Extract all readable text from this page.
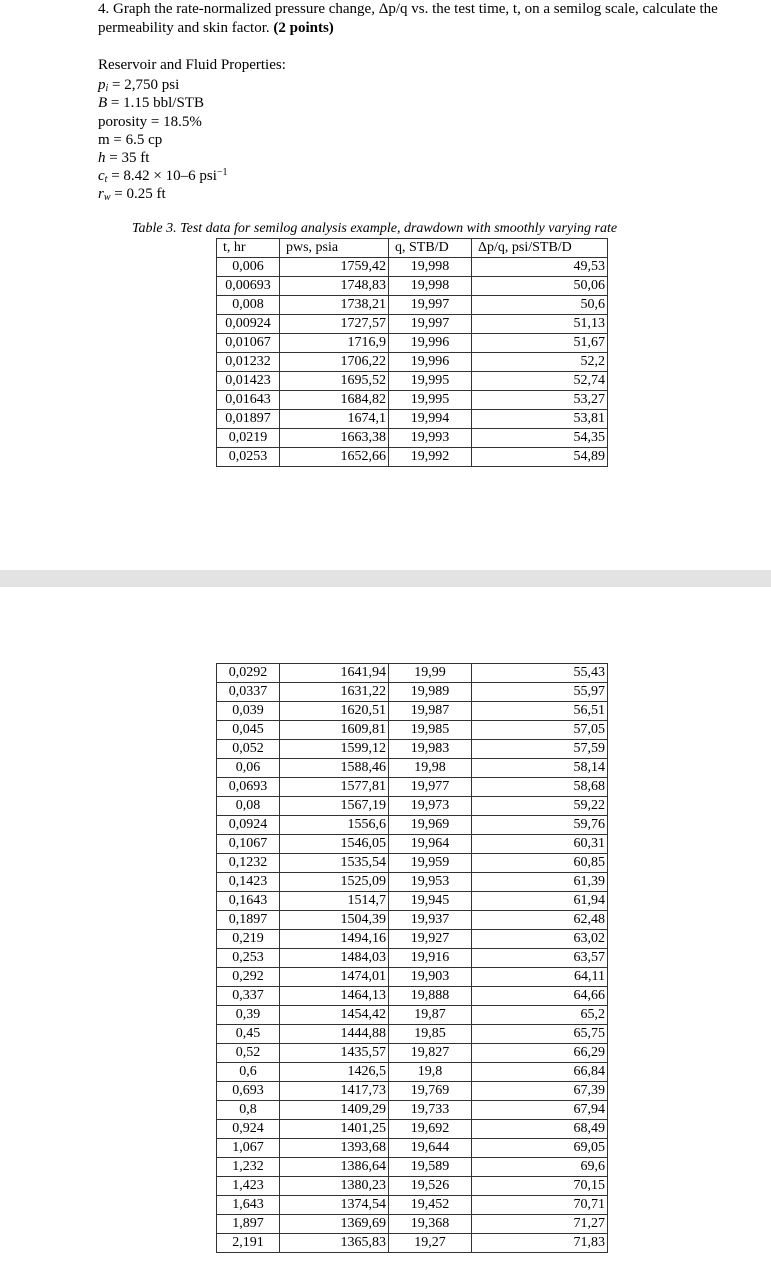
4. Graph the rate-normalized pressure change, Δp/q vs. the test time, t, on a semilog scale, calculate the permeability and skin factor. (2 points)
Reservoir and Fluid Properties:
$p_i = 2,750$ psi
B = 1.15 bbl/STB
porosity = 18.5%
m = 6.5 cp
h = 35 ft
$c_t = 8.42 \times 10-6$ psi$^{-1}$
$r_w = 0.25$ ft
Table 3. Test data for semilog analysis example, drawdown with smoothly varying rate
t, hr	pws, psia	q, STB/D	Δp/q, psi/STB/D
0,006	1759,42	19,998	49,53
0,00693	1748,83	19,998	50,06
0,008	1738,21	19,997	50,6
0,00924	1727,57	19,997	51,13
0,01067	1716,9	19,996	51,67
0,01232	1706,22	19,996	52,2
0,01423	1695,52	19,995	52,74
0,01643	1684,82	19,995	53,27
0,01897	1674,1	19,994	53,81
0,0219	1663,38	19,993	54,35
0,0253	1652,66	19,992	54,89
0,0292	1641,94	19,99	55,43
0,0337	1631,22	19,989	55,97
0,039	1620,51	19,987	56,51
0,045	1609,81	19,985	57,05
0,052	1599,12	19,983	57,59
0,06	1588,46	19,98	58,14
0,0693	1577,81	19,977	58,68
0,08	1567,19	19,973	59,22
0,0924	1556,6	19,969	59,76
0,1067	1546,05	19,964	60,31
0,1232	1535,54	19,959	60,85
0,1423	1525,09	19,953	61,39
0,1643	1514,7	19,945	61,94
0,1897	1504,39	19,937	62,48
0,219	1494,16	19,927	63,02
0,253	1484,03	19,916	63,57
0,292	1474,01	19,903	64,11
0,337	1464,13	19,888	64,66
0,39	1454,42	19,87	65,2
0,45	1444,88	19,85	65,75
0,52	1435,57	19,827	66,29
0,6	1426,5	19,8	66,84
0,693	1417,73	19,769	67,39
0,8	1409,29	19,733	67,94
0,924	1401,25	19,692	68,49
1,067	1393,68	19,644	69,05
1,232	1386,64	19,589	69,6
1,423	1380,23	19,526	70,15
1,643	1374,54	19,452	70,71
1,897	1369,69	19,368	71,27
2,191	1365,83	19,27	71,83
